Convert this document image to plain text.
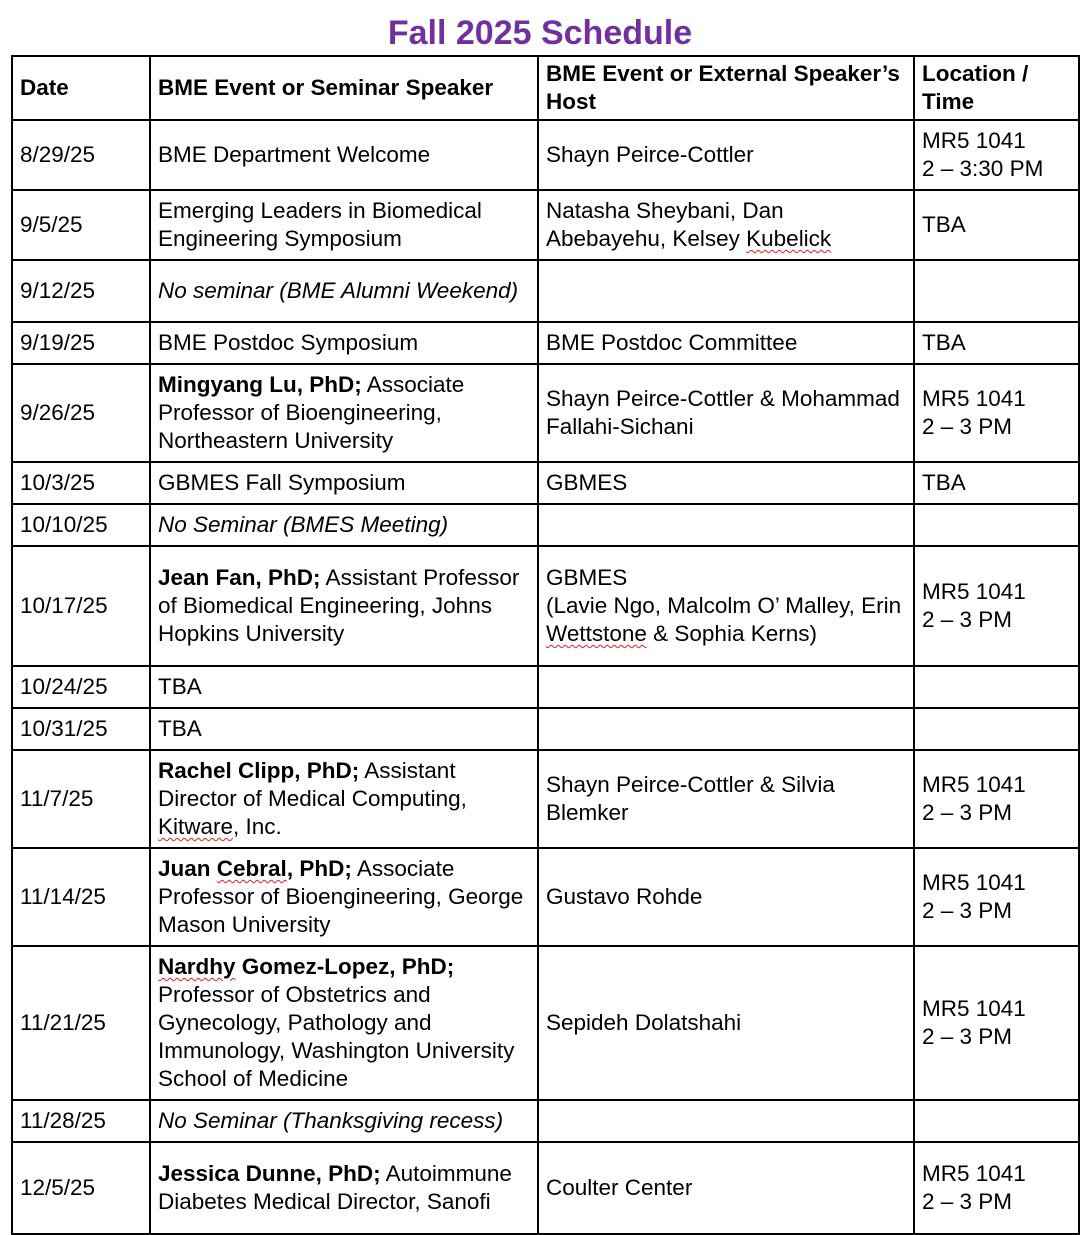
Fall 2025 Schedule
Date	BME Event or Seminar Speaker	BME Event or External Speaker’s Host	Location / Time
8/29/25	BME Department Welcome	Shayn Peirce-Cottler	MR5 1041
2 – 3:30 PM

9/5/25	Emerging Leaders in Biomedical Engineering Symposium	Natasha Sheybani, Dan Abebayehu, Kelsey Kubelick	TBA
9/12/25	No seminar (BME Alumni Weekend)		
9/19/25	BME Postdoc Symposium	BME Postdoc Committee	TBA
9/26/25	Mingyang Lu, PhD; Associate Professor of Bioengineering, Northeastern University	Shayn Peirce-Cottler & Mohammad Fallahi-Sichani	MR5 1041
2 – 3 PM

10/3/25	GBMES Fall Symposium	GBMES	TBA
10/10/25	No Seminar (BMES Meeting)		
10/17/25	Jean Fan, PhD; Assistant Professor of Biomedical Engineering, Johns Hopkins University	GBMES
(Lavie Ngo, Malcolm O’ Malley, Erin Wettstone & Sophia Kerns)	MR5 1041
2 – 3 PM

10/24/25	TBA		
10/31/25	TBA		
11/7/25	Rachel Clipp, PhD; Assistant Director of Medical Computing, Kitware, Inc.	Shayn Peirce-Cottler & Silvia Blemker	MR5 1041
2 – 3 PM

11/14/25	Juan Cebral, PhD; Associate Professor of Bioengineering, George Mason University	Gustavo Rohde	MR5 1041
2 – 3 PM

11/21/25	Nardhy Gomez-Lopez, PhD; Professor of Obstetrics and Gynecology, Pathology and Immunology, Washington University School of Medicine	Sepideh Dolatshahi	MR5 1041
2 – 3 PM

11/28/25	No Seminar (Thanksgiving recess)		
12/5/25	Jessica Dunne, PhD; Autoimmune Diabetes Medical Director, Sanofi	Coulter Center	MR5 1041
2 – 3 PM
